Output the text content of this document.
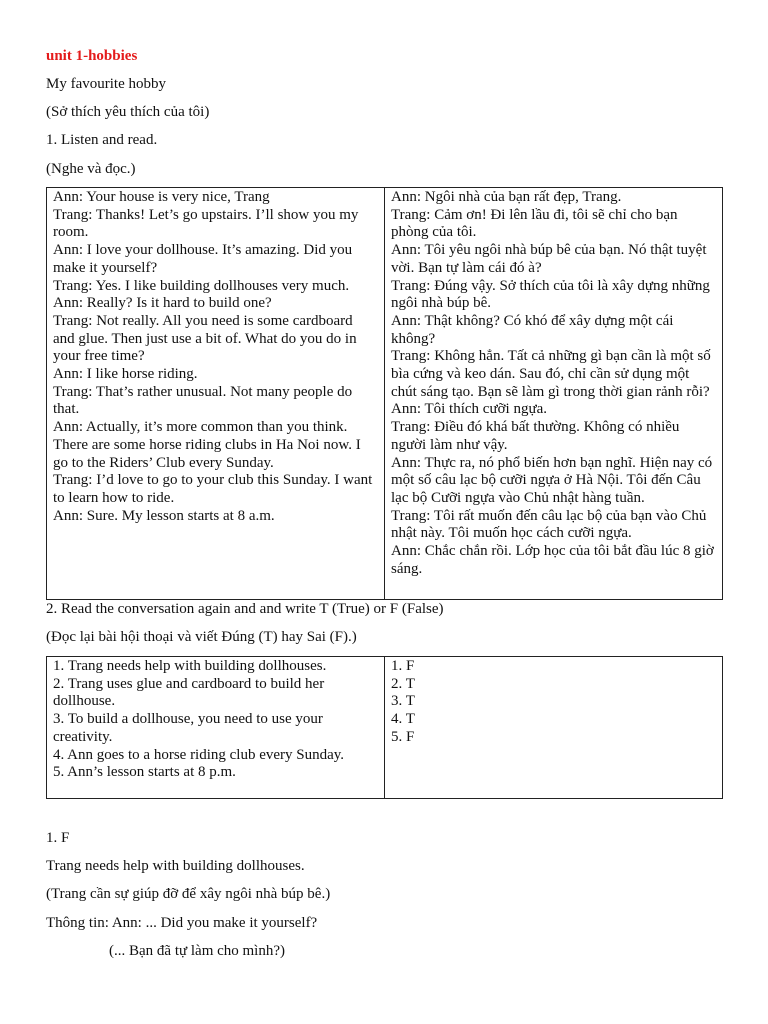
unit 1-hobbies
My favourite hobby
(Sở thích yêu thích của tôi)
1. Listen and read.
(Nghe và đọc.)
Ann: Your house is very nice, Trang
Trang: Thanks! Let’s go upstairs. I’ll show you my room.
Ann: I love your dollhouse. It’s amazing. Did you make it yourself?
Trang: Yes. I like building dollhouses very much.
Ann: Really? Is it hard to build one?
Trang: Not really. All you need is some cardboard and glue. Then just use a bit of. What do you do in your free time?
Ann: I like horse riding.
Trang: That’s rather unusual. Not many people do that.
Ann: Actually, it’s more common than you think. There are some horse riding clubs in Ha Noi now. I go to the Riders’ Club every Sunday.
Trang: I’d love to go to your club this Sunday. I want to learn how to ride.
Ann: Sure. My lesson starts at 8 a.m.

Ann: Ngôi nhà của bạn rất đẹp, Trang.
Trang: Cảm ơn! Đi lên lầu đi, tôi sẽ chỉ cho bạn phòng của tôi.
Ann: Tôi yêu ngôi nhà búp bê của bạn. Nó thật tuyệt vời. Bạn tự làm cái đó à?
Trang: Đúng vậy. Sở thích của tôi là xây dựng những ngôi nhà búp bê.
Ann: Thật không? Có khó để xây dựng một cái không?
Trang: Không hẳn. Tất cả những gì bạn cần là một số bìa cứng và keo dán. Sau đó, chỉ cần sử dụng một chút sáng tạo. Bạn sẽ làm gì trong thời gian rảnh rỗi?
Ann: Tôi thích cưỡi ngựa.
Trang: Điều đó khá bất thường. Không có nhiều người làm như vậy.
Ann: Thực ra, nó phổ biến hơn bạn nghĩ. Hiện nay có một số câu lạc bộ cưỡi ngựa ở Hà Nội. Tôi đến Câu lạc bộ Cưỡi ngựa vào Chủ nhật hàng tuần.
Trang: Tôi rất muốn đến câu lạc bộ của bạn vào Chủ nhật này. Tôi muốn học cách cưỡi ngựa.
Ann: Chắc chắn rồi. Lớp học của tôi bắt đầu lúc 8 giờ sáng.
2. Read the conversation again and and write T (True) or F (False)
(Đọc lại bài hội thoại và viết Đúng (T) hay Sai (F).)
1. Trang needs help with building dollhouses.
2. Trang uses glue and cardboard to build her dollhouse.
3. To build a dollhouse, you need to use your creativity.
4. Ann goes to a horse riding club every Sunday.
5. Ann’s lesson starts at 8 p.m.

1. F
2. T
3. T
4. T
5. F
1. F
Trang needs help with building dollhouses.
(Trang cần sự giúp đỡ để xây ngôi nhà búp bê.)
Thông tin: Ann: ... Did you make it yourself?
(... Bạn đã tự làm cho mình?)
